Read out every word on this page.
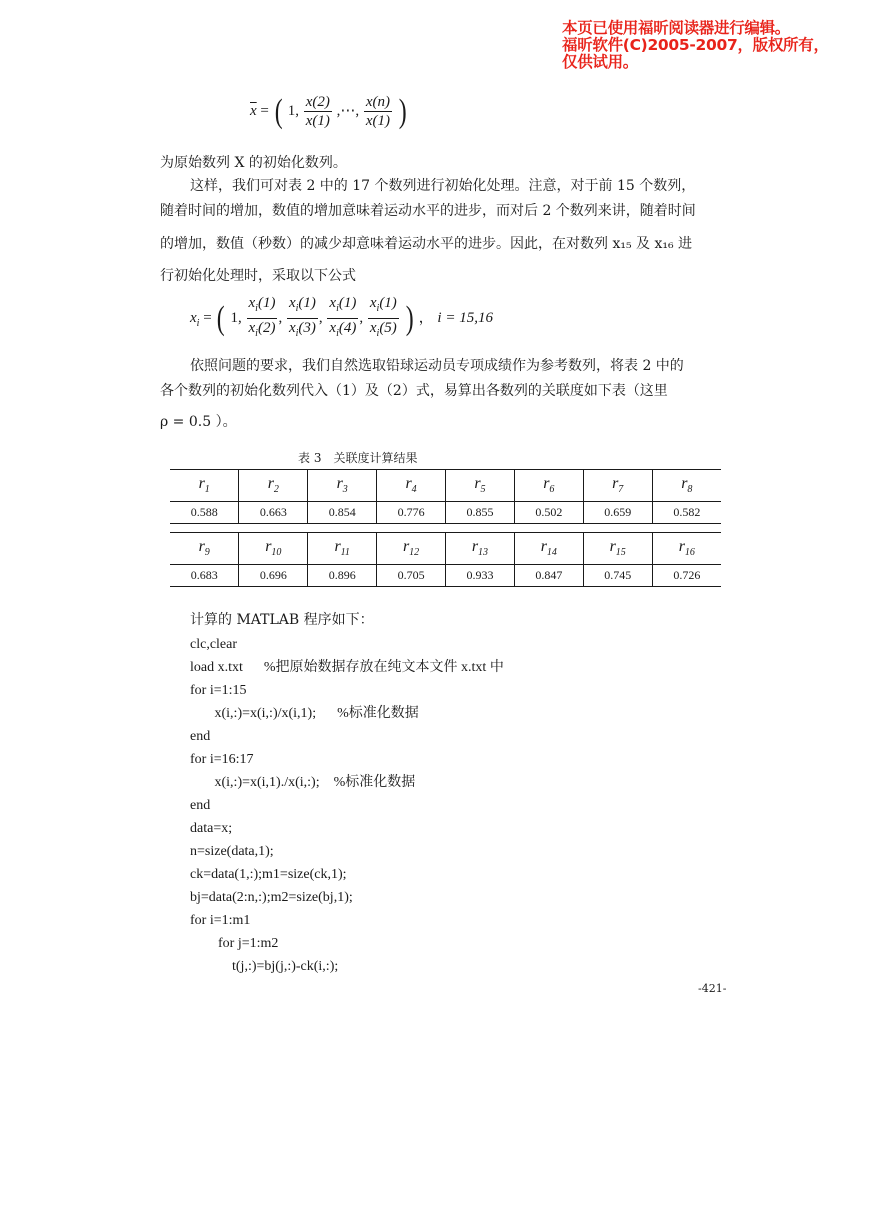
本页已使用福昕阅读器进行编辑。
福昕软件(C)2005-2007，版权所有，
仅供试用。
$\overline{x}$ = ( 1, $\frac{x(2)}{x(1)}$ ,⋯, $\frac{x(n)}{x(1)}$ )
为原始数列 X 的初始化数列。
这样，我们可对表 2 中的 17 个数列进行初始化处理。注意，对于前 15 个数列，
随着时间的增加，数值的增加意味着运动水平的进步，而对后 2 个数列来讲，随着时间
的增加，数值（秒数）的减少却意味着运动水平的进步。因此，在对数列 x₁₅ 及 x₁₆ 进
行初始化处理时，采取以下公式
$x_i$ = ( 1, $\frac{x_i(1)}{x_i(2)}$ , $\frac{x_i(1)}{x_i(3)}$ , $\frac{x_i(1)}{x_i(4)}$ , $\frac{x_i(1)}{x_i(5)}$ ) ， i = 15,16
依照问题的要求，我们自然选取铅球运动员专项成绩作为参考数列，将表 2 中的
各个数列的初始化数列代入（1）及（2）式，易算出各数列的关联度如下表（这里
ρ = 0.5 ）。
表 3　关联度计算结果
$r_1$	$r_2$	$r_3$	$r_4$	$r_5$	$r_6$	$r_7$	$r_8$
0.588	0.663	0.854	0.776	0.855	0.502	0.659	0.582
$r_9$	$r_{10}$	$r_{11}$	$r_{12}$	$r_{13}$	$r_{14}$	$r_{15}$	$r_{16}$
0.683	0.696	0.896	0.705	0.933	0.847	0.745	0.726
计算的 MATLAB 程序如下：
clc,clear
load x.txt      %把原始数据存放在纯文本文件 x.txt 中
for i=1:15
x(i,:)=x(i,:)/x(i,1);      %标准化数据
end
for i=16:17
x(i,:)=x(i,1)./x(i,:);    %标准化数据
end
data=x;
n=size(data,1);
ck=data(1,:);m1=size(ck,1);
bj=data(2:n,:);m2=size(bj,1);
for i=1:m1
for j=1:m2
t(j,:)=bj(j,:)-ck(i,:);
-421-
